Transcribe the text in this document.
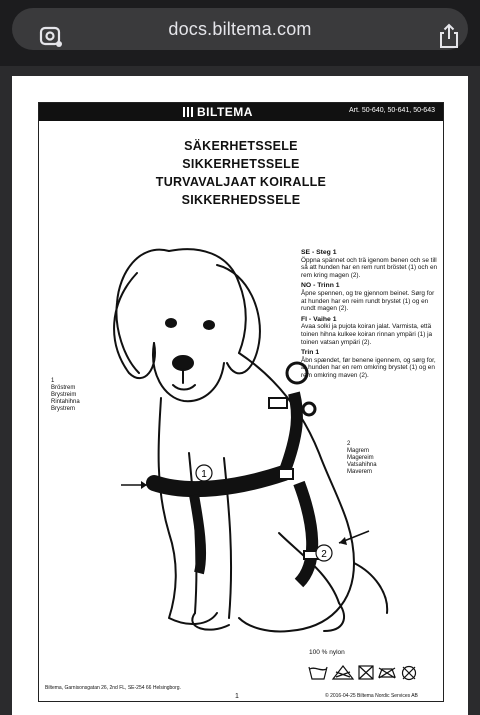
docs.biltema.com
BILTEMA	Art. 50-640, 50-641, 50-643
SÄKERHETSSELE
SIKKERHETSSELE
TURVAVALJAAT KOIRALLE
SIKKERHEDSSELE
1
2

SE - Steg 1
Öppna spännet och trä igenom benen och se till så att hunden har en rem runt bröstet (1) och en rem kring magen (2).

NO - Trinn 1
Åpne spennen, og tre gjennom beinet. Sørg for at hunden har en reim rundt brystet (1) og en rundt magen (2).

FI - Vaihe 1
Avaa solki ja pujota koiran jalat. Varmista, että toinen hihna kulkee koiran rinnan ympäri (1) ja toinen vatsan ympäri (2).

Trin 1
Åbn spændet, før benene igennem, og sørg for, at hunden har en rem omkring brystet (1) og en rem omkring maven (2).

1
Bröstrem
Brystreim
Rintahihna
Brystrem
2
Magrem
Magereim
Vatsahihna
Maverem
100 % nylon
Biltema, Garnisonsgatan 26, 2nd FL, SE-254 66 Helsingborg.
1	© 2016-04-25 Biltema Nordic Services AB
